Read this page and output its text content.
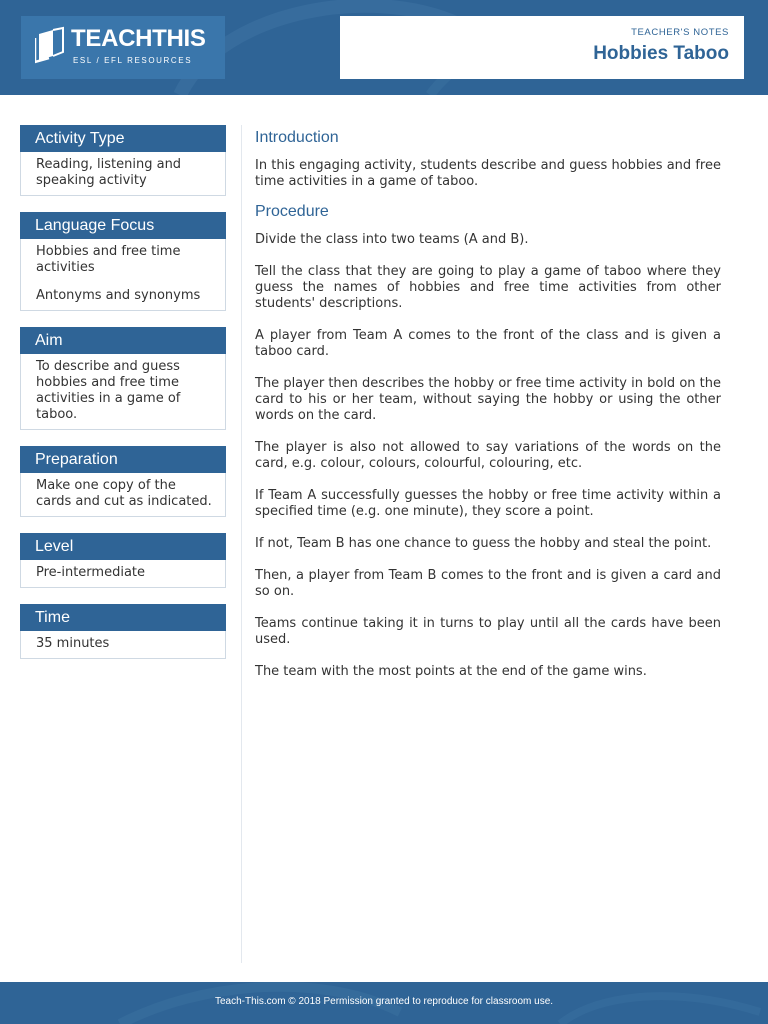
TEACHTHIS
ESL / EFL RESOURCES
TEACHER'S NOTES
Hobbies Taboo
Activity Type

Reading, listening and speaking activity

Language Focus

Hobbies and free time activities

Antonyms and synonyms

Aim

To describe and guess hobbies and free time activities in a game of taboo.

Preparation

Make one copy of the cards and cut as indicated.

Level

Pre-intermediate

Time

35 minutes

Introduction

In this engaging activity, students describe and guess hobbies and free time activities in a game of taboo.

Procedure

Divide the class into two teams (A and B).

Tell the class that they are going to play a game of taboo where they guess the names of hobbies and free time activities from other students' descriptions.

A player from Team A comes to the front of the class and is given a taboo card.

The player then describes the hobby or free time activity in bold on the card to his or her team, without saying the hobby or using the other words on the card.

The player is also not allowed to say variations of the words on the card, e.g. colour, colours, colourful, colouring, etc.

If Team A successfully guesses the hobby or free time activity within a specified time (e.g. one minute), they score a point.

If not, Team B has one chance to guess the hobby and steal the point.

Then, a player from Team B comes to the front and is given a card and so on.

Teams continue taking it in turns to play until all the cards have been used.

The team with the most points at the end of the game wins.

Teach-This.com © 2018 Permission granted to reproduce for classroom use.
